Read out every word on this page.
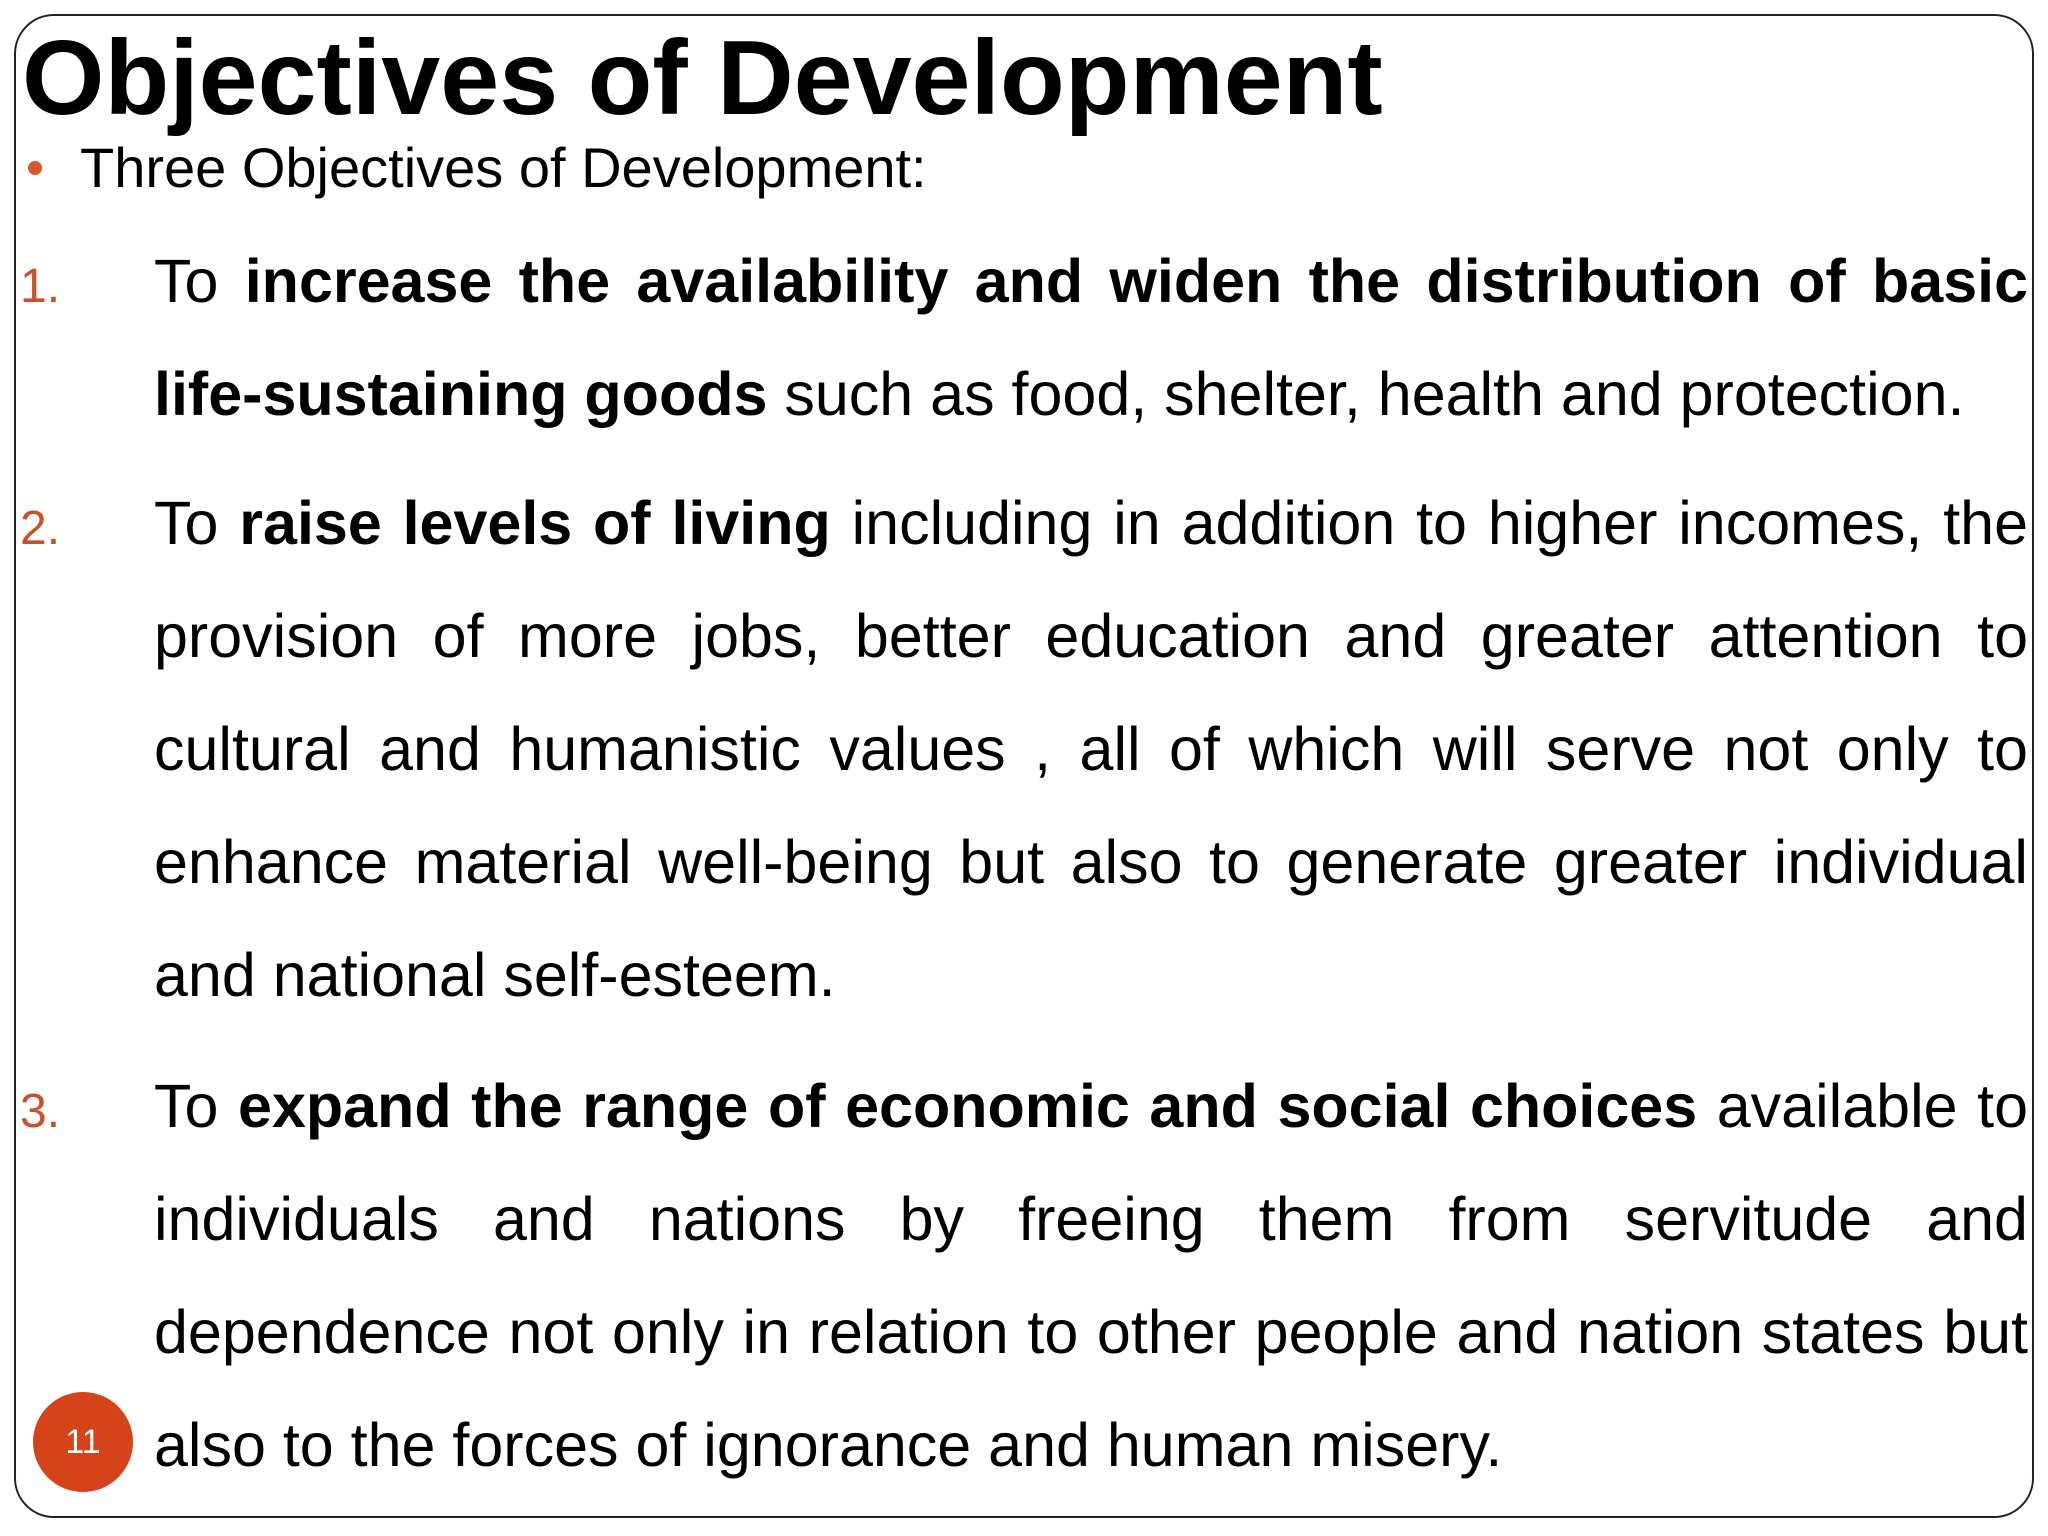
Objectives of Development
Three Objectives of Development:
1. To increase the availability and widen the distribution of basic life-sustaining goods such as food, shelter, health and protection.

2. To raise levels of living including in addition to higher incomes, the provision of more jobs, better education and greater attention to cultural and humanistic values , all of which will serve not only to enhance material well-being but also to generate greater individual and national self-esteem.

3. To expand the range of economic and social choices available to individuals and nations by freeing them from servitude and dependence not only in relation to other people and nation states but also to the forces of ignorance and human misery.

11
